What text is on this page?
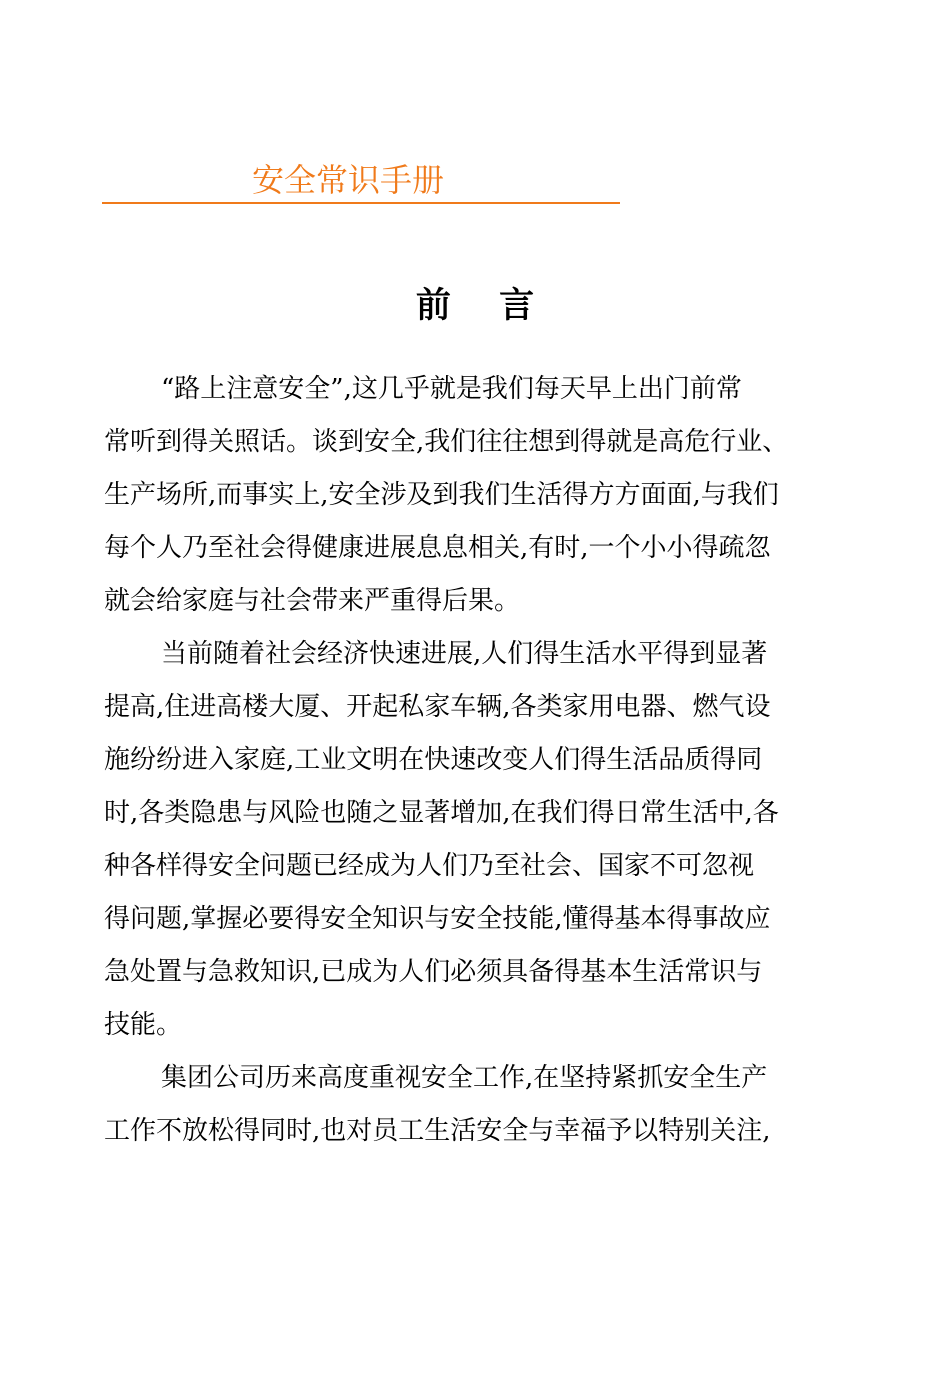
安全常识手册
前 言
“路上注意安全”,这几乎就是我们每天早上出门前常
常听到得关照话。谈到安全,我们往往想到得就是高危行业、
生产场所,而事实上,安全涉及到我们生活得方方面面,与我们
每个人乃至社会得健康进展息息相关,有时,一个小小得疏忽
就会给家庭与社会带来严重得后果。
当前随着社会经济快速进展,人们得生活水平得到显著
提高,住进高楼大厦、开起私家车辆,各类家用电器、燃气设
施纷纷进入家庭,工业文明在快速改变人们得生活品质得同
时,各类隐患与风险也随之显著增加,在我们得日常生活中,各
种各样得安全问题已经成为人们乃至社会、国家不可忽视
得问题,掌握必要得安全知识与安全技能,懂得基本得事故应
急处置与急救知识,已成为人们必须具备得基本生活常识与
技能。
集团公司历来高度重视安全工作,在坚持紧抓安全生产
工作不放松得同时,也对员工生活安全与幸福予以特别关注,
